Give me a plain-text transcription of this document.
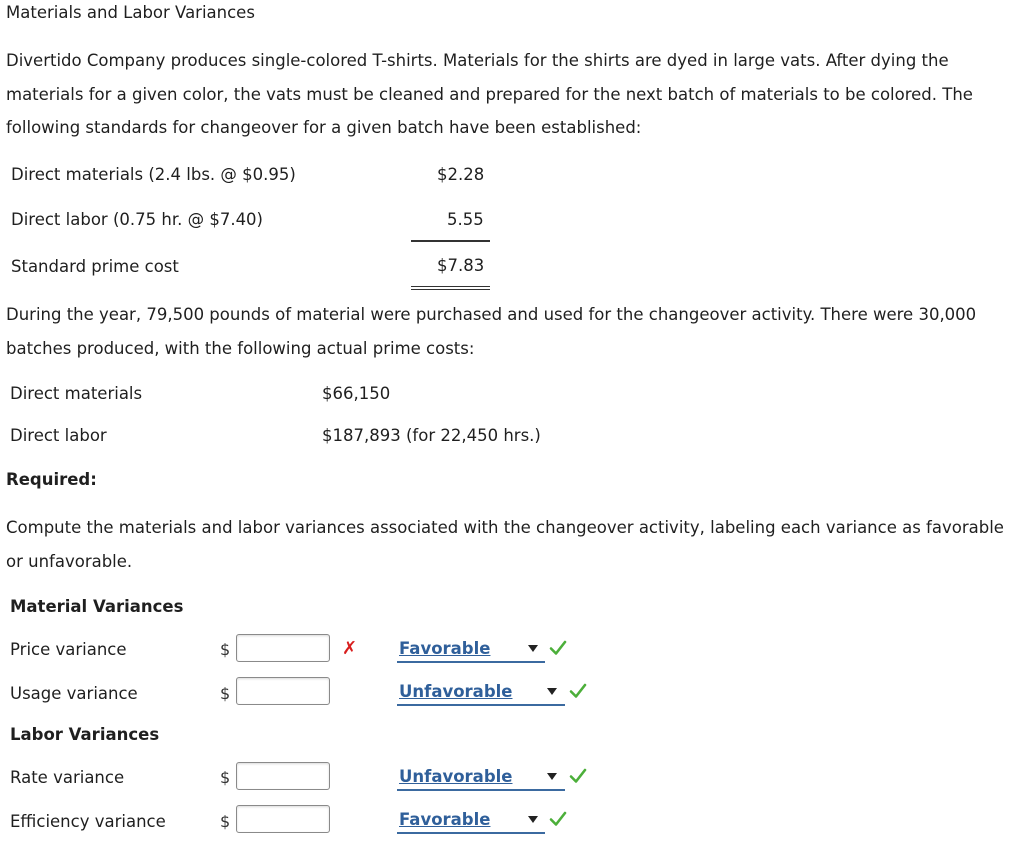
Materials and Labor Variances
Divertido Company produces single-colored T-shirts. Materials for the shirts are dyed in large vats. After dying the materials for a given color, the vats must be cleaned and prepared for the next batch of materials to be colored. The following standards for changeover for a given batch have been established:
Direct materials (2.4 lbs. @ $0.95)	$2.28
Direct labor (0.75 hr. @ $7.40)	5.55
Standard prime cost	$7.83
During the year, 79,500 pounds of material were purchased and used for the changeover activity. There were 30,000 batches produced, with the following actual prime costs:
Direct materials	$66,150
Direct labor	$187,893 (for 22,450 hrs.)
Required:
Compute the materials and labor variances associated with the changeover activity, labeling each variance as favorable or unfavorable.
Material Variances
Price variance	$	✗	Favorable
Usage variance	$	Unfavorable
Labor Variances
Rate variance	$	Unfavorable
Efficiency variance	$	Favorable
